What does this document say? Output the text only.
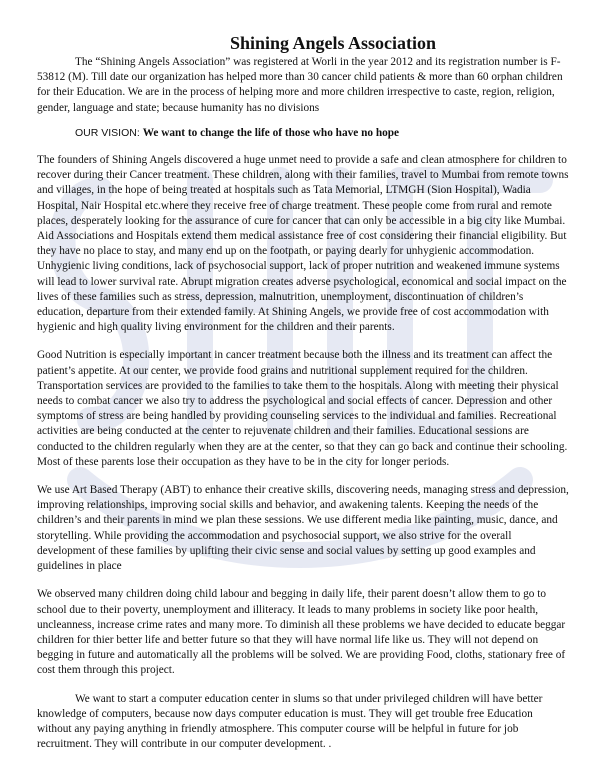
Shining Angels Association

The “Shining Angels Association” was registered at Worli in the year 2012 and its registration number is F-53812 (M). Till date our organization has helped more than 30 cancer child patients & more than 60 orphan children for their Education. We are in the process of helping more and more children irrespective to caste, region, religion, gender, language and state; because humanity has no divisions

OUR VISION: We want to change the life of those who have no hope

The founders of Shining Angels discovered a huge unmet need to provide a safe and clean atmosphere for children to recover during their Cancer treatment. These children, along with their families, travel to Mumbai from remote towns and villages, in the hope of being treated at hospitals such as Tata Memorial, LTMGH (Sion Hospital), Wadia Hospital, Nair Hospital etc.where they receive free of charge treatment. These people come from rural and remote places, desperately looking for the assurance of cure for cancer that can only be accessible in a big city like Mumbai. Aid Associations and Hospitals extend them medical assistance free of cost considering their financial eligibility. But they have no place to stay, and many end up on the footpath, or paying dearly for unhygienic accommodation. Unhygienic living conditions, lack of psychosocial support, lack of proper nutrition and weakened immune systems will lead to lower survival rate. Abrupt migration creates adverse psychological, economical and social impact on the lives of these families such as stress, depression, malnutrition, unemployment, discontinuation of children’s education, departure from their extended family. At Shining Angels, we provide free of cost accommodation with hygienic and high quality living environment for the children and their parents.

Good Nutrition is especially important in cancer treatment because both the illness and its treatment can affect the patient’s appetite. At our center, we provide food grains and nutritional supplement required for the children. Transportation services are provided to the families to take them to the hospitals. Along with meeting their physical needs to combat cancer we also try to address the psychological and social effects of cancer. Depression and other symptoms of stress are being handled by providing counseling services to the individual and families. Recreational activities are being conducted at the center to rejuvenate children and their families. Educational sessions are conducted to the children regularly when they are at the center, so that they can go back and continue their schooling. Most of these parents lose their occupation as they have to be in the city for longer periods.

We use Art Based Therapy (ABT) to enhance their creative skills, discovering needs, managing stress and depression, improving relationships, improving social skills and behavior, and awakening talents. Keeping the needs of the children’s and their parents in mind we plan these sessions. We use different media like painting, music, dance, and storytelling. While providing the accommodation and psychosocial support, we also strive for the overall development of these families by uplifting their civic sense and social values by setting up good examples and guidelines in place

We observed many children doing child labour and begging in daily life, their parent doesn’t allow them to go to school due to their poverty, unemployment and illiteracy. It leads to many problems in society like poor health, uncleanness, increase crime rates and many more. To diminish all these problems we have decided to educate beggar children for thier better life and better future so that they will have normal life like us. They will not depend on begging in future and automatically all the problems will be solved. We are providing Food, cloths, stationary free of cost them through this project.

We want to start a computer education center in slums so that under privileged children will have better knowledge of computers, because now days computer education is must. They will get trouble free Education without any paying anything in friendly atmosphere. This computer course will be helpful in future for job recruitment. They will contribute in our computer development. .
